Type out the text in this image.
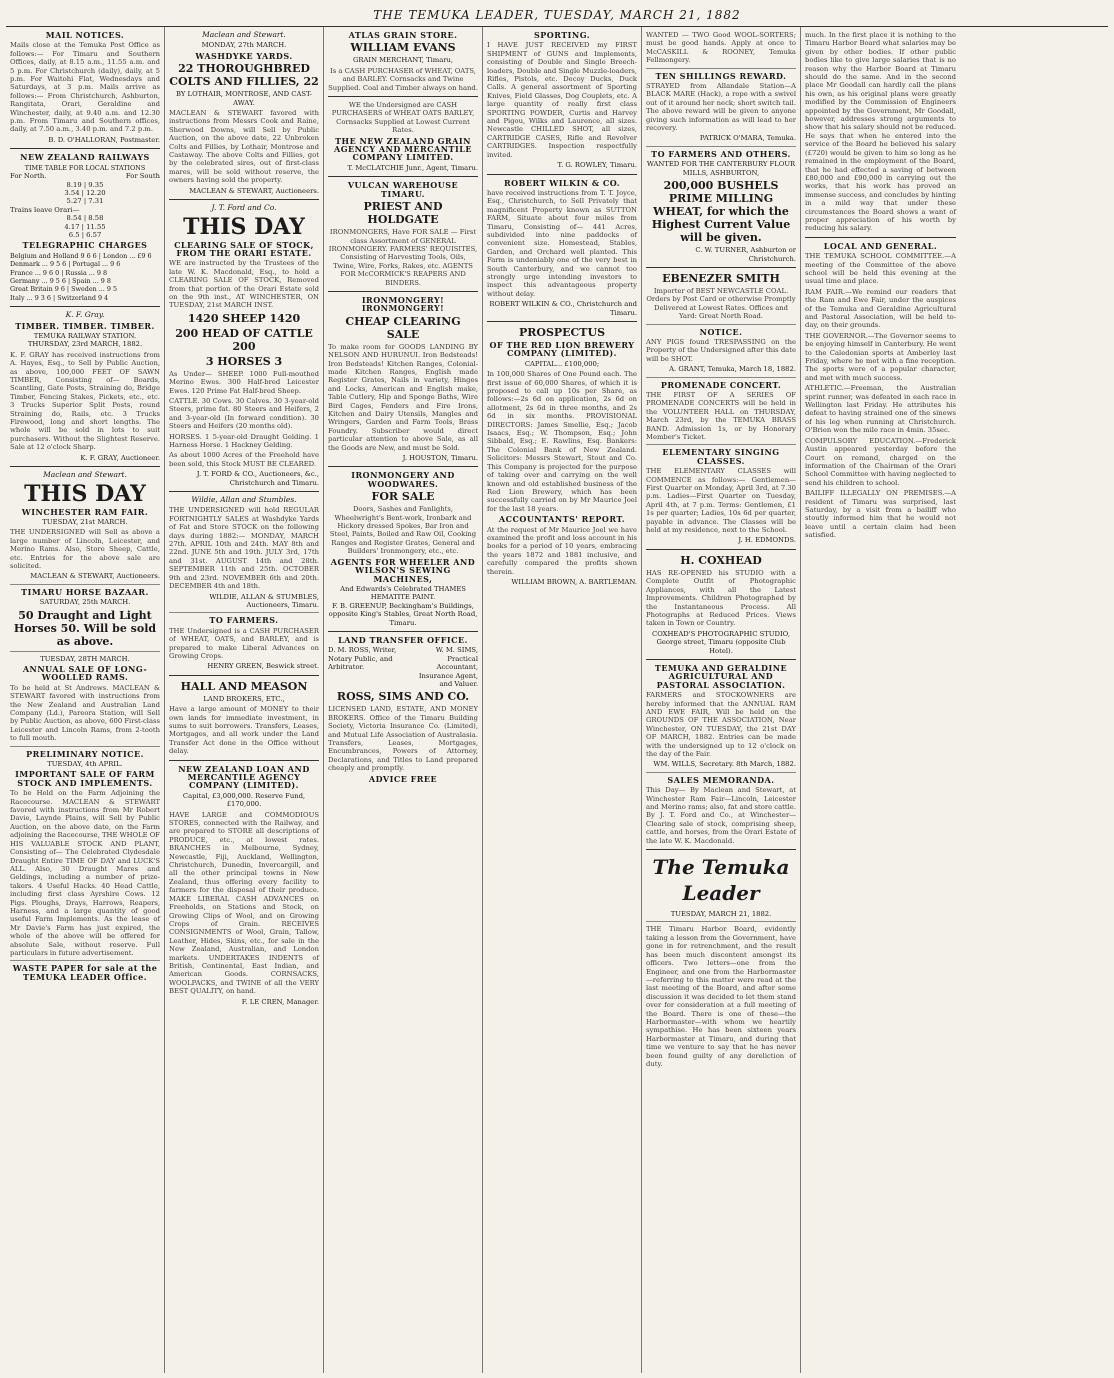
THE TEMUKA LEADER, TUESDAY, MARCH 21, 1882
MAIL NOTICES.

Mails close at the Temuka Post Office as follows:— For Timaru and Southern Offices, daily, at 8.15 a.m., 11.55 a.m. and 5 p.m. For Christchurch (daily), daily, at 5 p.m. For Waitohi Flat, Wednesdays and Saturdays, at 3 p.m. Mails arrive as follows:— From Christchurch, Ashburton, Rangitata, Orari, Geraldine and Winchester, daily, at 9.40 a.m. and 12.30 p.m. From Timaru and Southern offices, daily, at 7.50 a.m., 3.40 p.m. and 7.2 p.m.

B. D. O'HALLORAN, Postmaster.
NEW ZEALAND RAILWAYS
TIME TABLE FOR LOCAL STATIONS
For North.	For South
8.19 | 9.35
3.54 | 12.20
5.27 | 7.31
Trains leave Orari—
8.54 | 8.58
4.17 | 11.55
6.5 | 6.57
TELEGRAPHIC CHARGES
Belgium and Holland 9 6 6 | London ... £9 6
Denmark ... 9 5 6 | Portugal ... 9 6
France ... 9 6 0 | Russia ... 9 8
Germany ... 9 5 6 | Spain ... 9 8
Great Britain 9 6 | Sweden ... 9 5
Italy ... 9 3 6 | Switzerland 9 4
K. F. Gray.
TIMBER. TIMBER. TIMBER.
TEMUKA RAILWAY STATION.
THURSDAY, 23rd MARCH, 1882.

K. F. GRAY has received instructions from A. Hayes, Esq., to Sell by Public Auction, as above, 100,000 FEET OF SAWN TIMBER, Consisting of— Boards, Scantling, Gate Posts, Straining do, Bridge Timber, Fencing Stakes, Pickets, etc., etc. 3 Trucks Superior Split Posts, round Straining do, Rails, etc. 3 Trucks Firewood, long and short lengths. The whole will be sold in lots to suit purchasers. Without the Slightest Reserve. Sale at 12 o'clock Sharp.

K. F. GRAY, Auctioneer.
Maclean and Stewart.
THIS DAY
WINCHESTER RAM FAIR.
TUESDAY, 21st MARCH.

THE UNDERSIGNED will Sell as above a large number of Lincoln, Leicester, and Merino Rams. Also, Store Sheep, Cattle, etc. Entries for the above sale are solicited.

MACLEAN & STEWART, Auctioneers.
TIMARU HORSE BAZAAR.
SATURDAY, 25th MARCH.
50 Draught and Light Horses 50. Will be sold as above.
TUESDAY, 28TH MARCH.
ANNUAL SALE OF LONG-WOOLLED RAMS.

To be held at St Andrews. MACLEAN & STEWART favored with instructions from the New Zealand and Australian Land Company (Ld.), Pareora Station, will Sell by Public Auction, as above, 600 First-class Leicester and Lincoln Rams, from 2-tooth to full mouth.

PRELIMINARY NOTICE.
TUESDAY, 4th APRIL.
IMPORTANT SALE OF FARM STOCK AND IMPLEMENTS.

To be Held on the Farm Adjoining the Racecourse. MACLEAN & STEWART favored with instructions from Mr Robert Davie, Laynde Plains, will Sell by Public Auction, on the above date, on the Farm adjoining the Racecourse, THE WHOLE OF HIS VALUABLE STOCK AND PLANT, Consisting of— The Celebrated Clydesdale Draught Entire TIME OF DAY and LUCK'S ALL. Also, 30 Draught Mares and Geldings, including a number of prize-takers. 4 Useful Hacks. 40 Head Cattle, including first class Ayrshire Cows. 12 Pigs. Ploughs, Drays, Harrows, Reapers, Harness, and a large quantity of good useful Farm Implements. As the lease of Mr Davie's Farm has just expired, the whole of the above will be offered for absolute Sale, without reserve. Full particulars in future advertisement.

WASTE PAPER for sale at the TEMUKA LEADER Office.
Maclean and Stewart.
MONDAY, 27th MARCH.
WASHDYKE YARDS.
22 THOROUGHBRED COLTS AND FILLIES, 22
BY LOTHAIR, MONTROSE, AND CAST-AWAY.

MACLEAN & STEWART favored with instructions from Messrs Cook and Raine, Sherwood Downs, will Sell by Public Auction, on the above date, 22 Unbroken Colts and Fillies, by Lothair, Montrose and Castaway. The above Colts and Fillies, got by the celebrated sires, out of first-class mares, will be sold without reserve, the owners having sold the property.

MACLEAN & STEWART, Auctioneers.
J. T. Ford and Co.
THIS DAY
CLEARING SALE OF STOCK, FROM THE ORARI ESTATE.

WE are instructed by the Trustees of the late W. K. Macdonald, Esq., to hold a CLEARING SALE OF STOCK, Removed from that portion of the Orari Estate sold on the 9th inst., AT WINCHESTER, ON TUESDAY, 21st MARCH INST.

1420 SHEEP 1420
200 HEAD OF CATTLE 200
3 HORSES 3

As Under— SHEEP. 1000 Full-mouthed Merino Ewes. 300 Half-bred Leicester Ewes. 120 Prime Fat Half-bred Sheep.

CATTLE. 30 Cows. 30 Calves. 30 3-year-old Steers, prime fat. 80 Steers and Heifers, 2 and 3-year-old (In forward condition). 30 Steers and Heifers (20 months old).

HORSES. 1 5-year-old Draught Gelding. 1 Harness Horse. 1 Hackney Gelding.

As about 1000 Acres of the Freehold have been sold, this Stock MUST BE CLEARED.

J. T. FORD & CO., Auctioneers, &c., Christchurch and Timaru.
Wildie, Allan and Stumbles.

THE UNDERSIGNED will hold REGULAR FORTNIGHTLY SALES at Washdyke Yards of Fat and Store STOCK on the following days during 1882:— MONDAY, MARCH 27th. APRIL 10th and 24th. MAY 8th and 22nd. JUNE 5th and 19th. JULY 3rd, 17th and 31st. AUGUST 14th and 28th. SEPTEMBER 11th and 25th. OCTOBER 9th and 23rd. NOVEMBER 6th and 20th. DECEMBER 4th and 18th.

WILDIE, ALLAN & STUMBLES, Auctioneers, Timaru.
TO FARMERS.

THE Undersigned is a CASH PURCHASER of WHEAT, OATS, and BARLEY, and is prepared to make Liberal Advances on Growing Crops.

HENRY GREEN, Beswick street.
HALL AND MEASON
LAND BROKERS, ETC.,

Have a large amount of MONEY to their own lands for immediate investment, in sums to suit borrowers. Transfers, Leases, Mortgages, and all work under the Land Transfer Act done in the Office without delay.

NEW ZEALAND LOAN AND MERCANTILE AGENCY COMPANY (LIMITED).
Capital, £3,000,000. Reserve Fund, £170,000.

HAVE LARGE and COMMODIOUS STORES, connected with the Railway, and are prepared to STORE all descriptions of PRODUCE, etc., at lowest rates. BRANCHES in Melbourne, Sydney, Newcastle, Fiji, Auckland, Wellington, Christchurch, Dunedin, Invercargill, and all the other principal towns in New Zealand, thus offering every facility to farmers for the disposal of their produce. MAKE LIBERAL CASH ADVANCES on Freeholds, on Stations and Stock, on Growing Clips of Wool, and on Growing Crops of Grain. RECEIVES CONSIGNMENTS of Wool, Grain, Tallow, Leather, Hides, Skins, etc., for sale in the New Zealand, Australian, and London markets. UNDERTAKES INDENTS of British, Continental, East Indian, and American Goods. CORNSACKS, WOOLPACKS, and TWINE of all the VERY BEST QUALITY, on hand.

F. LE CREN, Manager.
ATLAS GRAIN STORE.
WILLIAM EVANS
GRAIN MERCHANT, Timaru,

Is a CASH PURCHASER of WHEAT, OATS, and BARLEY. Cornsacks and Twine Supplied. Coal and Timber always on hand.

WE the Undersigned are CASH PURCHASERS of WHEAT OATS BARLEY, Cornsacks Supplied at Lowest Current Rates.

THE NEW ZEALAND GRAIN AGENCY AND MERCANTILE COMPANY LIMITED.
T. McCLATCHIE Junr., Agent, Timaru.
VULCAN WAREHOUSE TIMARU.
PRIEST AND HOLDGATE

IRONMONGERS, Have FOR SALE — First class Assortment of GENERAL IRONMONGERY. FARMERS' REQUISITES, Consisting of Harvesting Tools, Oils, Twine, Wire, Forks, Rakes, etc. AGENTS FOR McCORMICK'S REAPERS AND BINDERS.

IRONMONGERY! IRONMONGERY!
CHEAP CLEARING SALE

To make room for GOODS LANDING BY NELSON AND HURUNUI. Iron Bedsteads! Iron Bedsteads! Kitchen Ranges, Colonial-made Kitchen Ranges, English made Register Grates, Nails in variety, Hinges and Locks, American and English make, Table Cutlery, Hip and Sponge Baths, Wire Bird Cages, Fenders and Fire Irons, Kitchen and Dairy Utensils, Mangles and Wringers, Garden and Farm Tools, Brass Foundry. Subscriber would direct particular attention to above Sale, as all the Goods are New, and must be Sold.

J. HOUSTON, Timaru.
IRONMONGERY AND WOODWARES.
FOR SALE

Doors, Sashes and Fanlights, Wheelwright's Bent-work, Ironbark and Hickory dressed Spokes, Bar Iron and Steel, Paints, Boiled and Raw Oil, Cooking Ranges and Register Grates, General and Builders' Ironmongery, etc., etc.

AGENTS FOR WHEELER AND WILSON'S SEWING MACHINES,
And Edwards's Celebrated THAMES HEMATITE PAINT.
F. B. GREENUP, Beckingham's Buildings, opposite King's Stables, Great North Road, Timaru.
LAND TRANSFER OFFICE.
D. M. ROSS, Writer, Notary Public, and Arbitrator.
W. M. SIMS, Practical Accountant, Insurance Agent, and Valuer.
ROSS, SIMS AND CO.

LICENSED LAND, ESTATE, AND MONEY BROKERS. Office of the Timaru Building Society, Victoria Insurance Co. (Limited), and Mutual Life Association of Australasia. Transfers, Leases, Mortgages, Encumbrances, Powers of Attorney, Declarations, and Titles to Land prepared cheaply and promptly.

ADVICE FREE
SPORTING.

I HAVE JUST RECEIVED my FIRST SHIPMENT of GUNS and Implements, consisting of Double and Single Breech-loaders, Double and Single Muzzle-loaders, Rifles, Pistols, etc. Decoy Ducks, Duck Calls. A general assortment of Sporting Knives, Field Glasses, Dog Couplets, etc. A large quantity of really first class SPORTING POWDER, Curtis and Harvey and Pigou, Wilks and Laurence, all sizes. Newcastle CHILLED SHOT, all sizes, CARTRIDGE CASES, Rifle and Revolver CARTRIDGES. Inspection respectfully invited.

T. G. ROWLEY, Timaru.
ROBERT WILKIN & CO.

have received instructions from T. T. Joyce, Esq., Christchurch, to Sell Privately that magnificent Property known as SUTTON FARM, Situate about four miles from Timaru, Consisting of— 441 Acres, subdivided into nine paddocks of convenient size. Homestead, Stables, Garden, and Orchard well planted. This Farm is undeniably one of the very best in South Canterbury, and we cannot too strongly urge intending investors to inspect this advantageous property without delay.

ROBERT WILKIN & CO., Christchurch and Timaru.
PROSPECTUS
OF THE RED LION BREWERY COMPANY (LIMITED).
CAPITAL... £100,000;

In 100,000 Shares of One Pound each. The first issue of 60,000 Shares, of which it is proposed to call up 10s per Share, as follows:—2s 6d on application, 2s 6d on allotment, 2s 6d in three months, and 2s 6d in six months. PROVISIONAL DIRECTORS: James Smellie, Esq.; Jacob Isaacs, Esq.; W. Thompson, Esq.; John Sibbald, Esq.; E. Rawlins, Esq. Bankers: The Colonial Bank of New Zealand. Solicitors: Messrs Stewart, Stout and Co. This Company is projected for the purpose of taking over and carrying on the well known and old established business of the Red Lion Brewery, which has been successfully carried on by Mr Maurice Joel for the last 18 years.

ACCOUNTANTS' REPORT.

At the request of Mr Maurice Joel we have examined the profit and loss account in his books for a period of 10 years, embracing the years 1872 and 1881 inclusive, and carefully compared the profits shown therein.

WILLIAM BROWN, A. BARTLEMAN.

WANTED — TWO Good WOOL-SORTERS; must be good hands. Apply at once to McCASKILL & ROONEY, Temuka Fellmongery.

TEN SHILLINGS REWARD.

STRAYED from Allandale Station—A BLACK MARE (Hack), a rope with a swivel out of it around her neck; short switch tail. The above reward will be given to anyone giving such information as will lead to her recovery.

PATRICK O'MARA, Temuka.
TO FARMERS AND OTHERS.
WANTED FOR THE CANTERBURY FLOUR MILLS, ASHBURTON,
200,000 BUSHELS PRIME MILLING WHEAT, for which the Highest Current Value will be given.
C. W. TURNER, Ashburton or Christchurch.
EBENEZER SMITH

Importer of BEST NEWCASTLE COAL. Orders by Post Card or otherwise Promptly Delivered at Lowest Rates. Offices and Yard: Great North Road.

NOTICE.

ANY PIGS found TRESPASSING on the Property of the Undersigned after this date will be SHOT.

A. GRANT, Temuka, March 18, 1882.
PROMENADE CONCERT.

THE FIRST OF A SERIES OF PROMENADE CONCERTS will be held in the VOLUNTEER HALL on THURSDAY, March 23rd, by the TEMUKA BRASS BAND. Admission 1s, or by Honorary Member's Ticket.

ELEMENTARY SINGING CLASSES.

THE ELEMENTARY CLASSES will COMMENCE as follows:— Gentlemen—First Quarter on Monday, April 3rd, at 7.30 p.m. Ladies—First Quarter on Tuesday, April 4th, at 7 p.m. Terms: Gentlemen, £1 1s per quarter; Ladies, 10s 6d per quarter, payable in advance. The Classes will be held at my residence, next to the School.

J. H. EDMONDS.
H. COXHEAD

HAS RE-OPENED his STUDIO with a Complete Outfit of Photographic Appliances, with all the Latest Improvements. Children Photographed by the Instantaneous Process. All Photographs at Reduced Prices. Views taken in Town or Country.

COXHEAD'S PHOTOGRAPHIC STUDIO, George street, Timaru (opposite Club Hotel).
TEMUKA AND GERALDINE AGRICULTURAL AND PASTORAL ASSOCIATION.

FARMERS and STOCKOWNERS are hereby informed that the ANNUAL RAM AND EWE FAIR, Will be held on the GROUNDS OF THE ASSOCIATION, Near Winchester, ON TUESDAY, the 21st DAY OF MARCH, 1882. Entries can be made with the undersigned up to 12 o'clock on the day of the Fair.

WM. WILLS, Secretary. 8th March, 1882.
SALES MEMORANDA.

This Day— By Maclean and Stewart, at Winchester Ram Fair—Lincoln, Leicester and Merino rams; also, fat and store cattle. By J. T. Ford and Co., at Winchester—Clearing sale of stock, comprising sheep, cattle, and horses, from the Orari Estate of the late W. K. Macdonald.

The Temuka Leader
TUESDAY, MARCH 21, 1882.

THE Timaru Harbor Board, evidently taking a lesson from the Government, have gone in for retrenchment, and the result has been much discontent amongst its officers. Two letters—one from the Engineer, and one from the Harbormaster—referring to this matter were read at the last meeting of the Board, and after some discussion it was decided to let them stand over for consideration at a full meeting of the Board. There is one of these—the Harbormaster—with whom we heartily sympathise. He has been sixteen years Harbormaster at Timaru, and during that time we venture to say that he has never been found guilty of any dereliction of duty.

much. In the first place it is nothing to the Timaru Harbor Board what salaries may be given by other bodies. If other public bodies like to give large salaries that is no reason why the Harbor Board at Timaru should do the same. And in the second place Mr Goodall can hardly call the plans his own, as his original plans were greatly modified by the Commission of Engineers appointed by the Government, Mr Goodall, however, addresses strong arguments to show that his salary should not be reduced. He says that when he entered into the service of the Board he believed his salary (£720) would be given to him so long as he remained in the employment of the Board, that he had effected a saving of between £80,000 and £90,000 in carrying out the works, that his work has proved an immense success, and concludes by hinting in a mild way that under these circumstances the Board shows a want of proper appreciation of his worth by reducing his salary.

LOCAL AND GENERAL.

THE TEMUKA SCHOOL COMMITTEE.—A meeting of the Committee of the above school will be held this evening at the usual time and place.

RAM FAIR.—We remind our readers that the Ram and Ewe Fair, under the auspices of the Temuka and Geraldine Agricultural and Pastoral Association, will be held to-day, on their grounds.

THE GOVERNOR.—The Governor seems to be enjoying himself in Canterbury. He went to the Caledonian sports at Amberley last Friday, where he met with a fine reception. The sports were of a popular character, and met with much success.

ATHLETIC.—Freeman, the Australian sprint runner, was defeated in each race in Wellington last Friday. He attributes his defeat to having strained one of the sinews of his leg when running at Christchurch. O'Brien won the mile race in 4min. 35sec.

COMPULSORY EDUCATION.—Frederick Austin appeared yesterday before the Court on remand, charged on the information of the Chairman of the Orari School Committee with having neglected to send his children to school.

BAILIFF ILLEGALLY ON PREMISES.—A resident of Timaru was surprised, last Saturday, by a visit from a bailiff who stoutly informed him that he would not leave until a certain claim had been satisfied.
